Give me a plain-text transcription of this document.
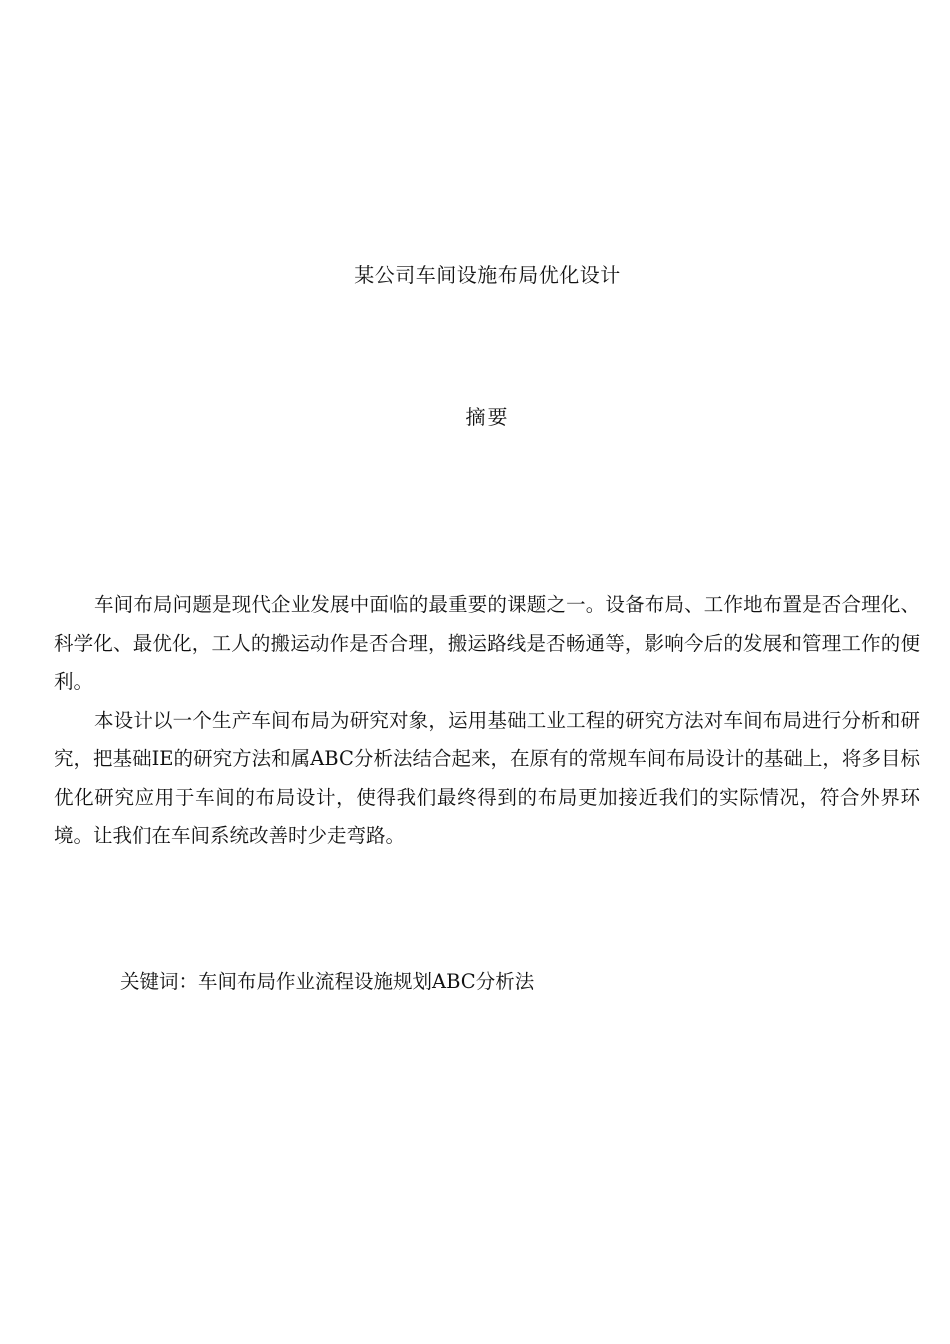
某公司车间设施布局优化设计
摘要

车间布局问题是现代企业发展中面临的最重要的课题之一。设备布局、工作地布置是否合理化、科学化、最优化，工人的搬运动作是否合理，搬运路线是否畅通等，影响今后的发展和管理工作的便利。

本设计以一个生产车间布局为研究对象，运用基础工业工程的研究方法对车间布局进行分析和研究，把基础IE的研究方法和属ABC分析法结合起来，在原有的常规车间布局设计的基础上，将多目标优化研究应用于车间的布局设计，使得我们最终得到的布局更加接近我们的实际情况，符合外界环境。让我们在车间系统改善时少走弯路。

关键词：车间布局作业流程设施规划ABC分析法
